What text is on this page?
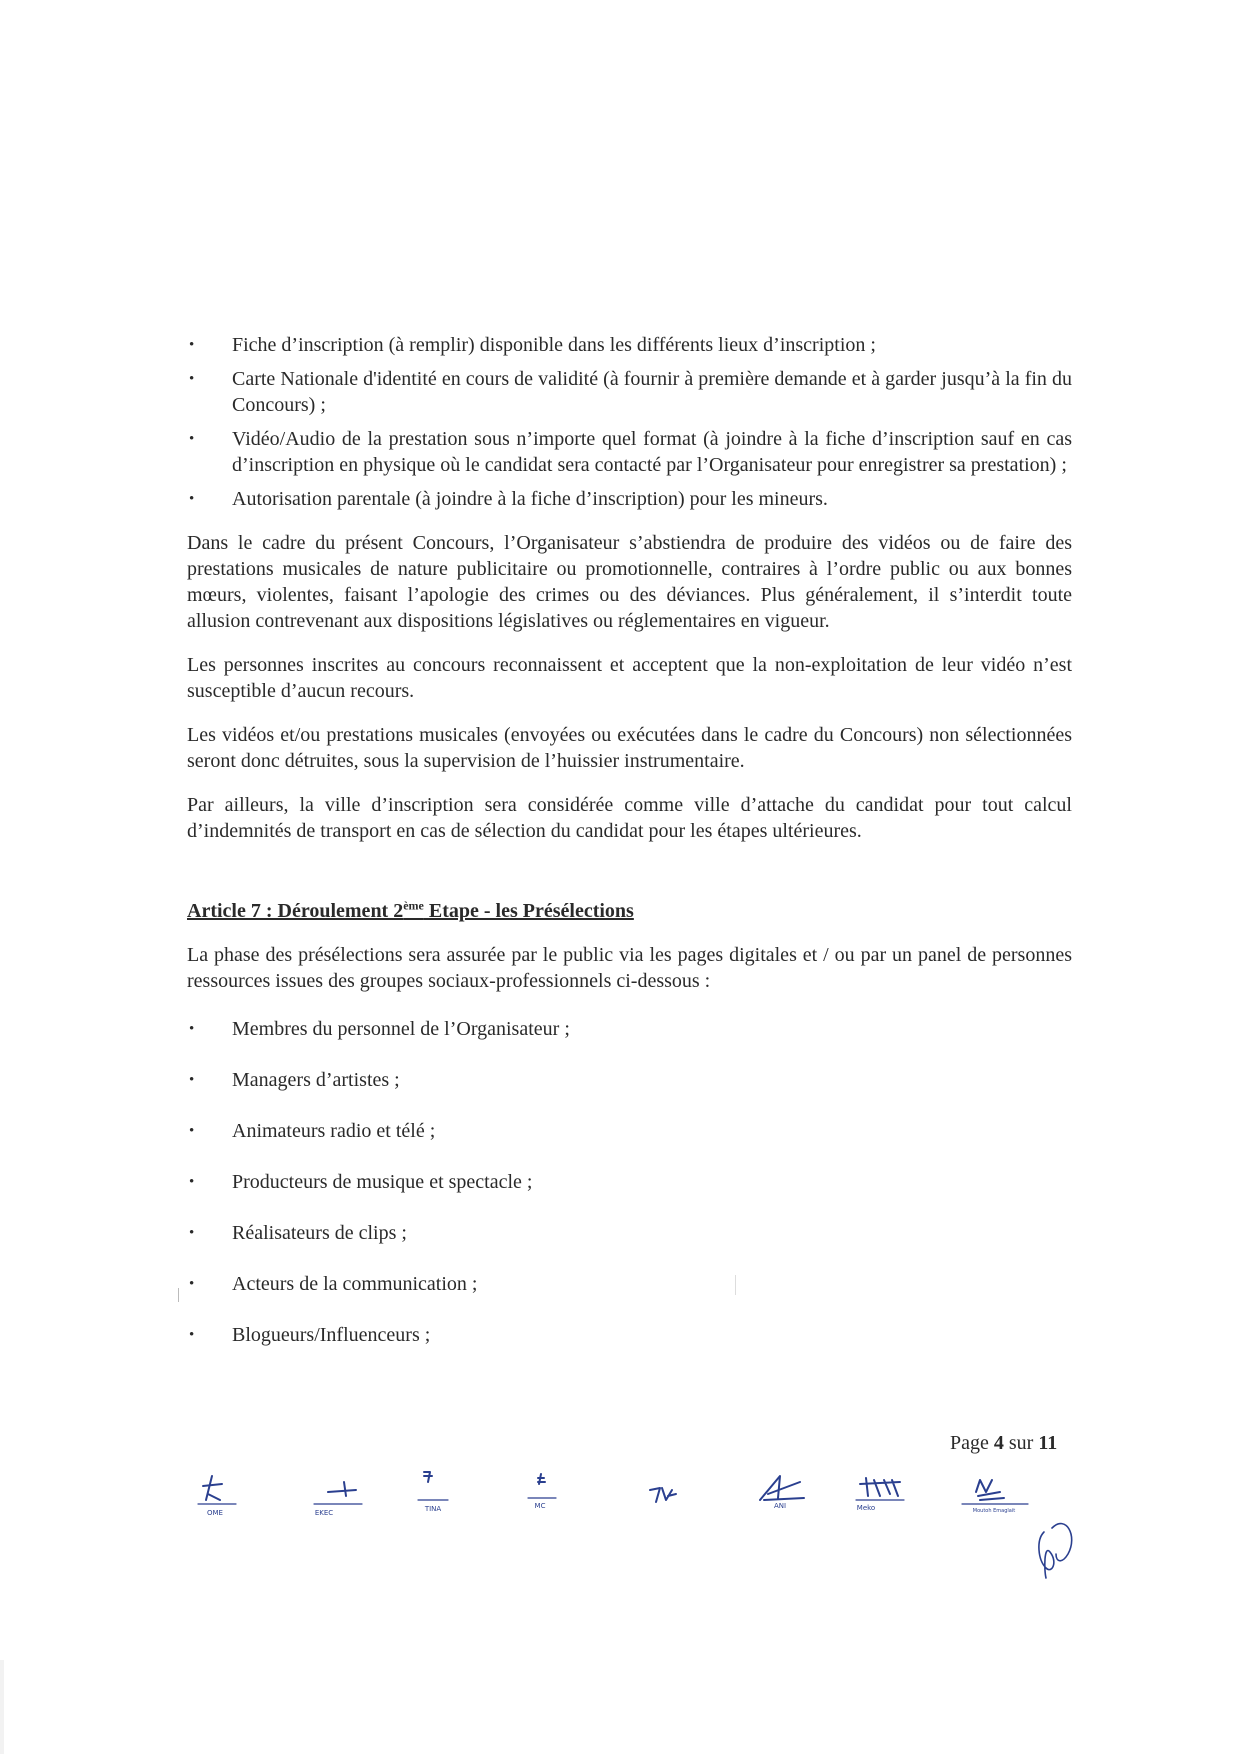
• Fiche d’inscription (à remplir) disponible dans les différents lieux d’inscription ;
• Carte Nationale d'identité en cours de validité (à fournir à première demande et à garder jusqu’à la fin du Concours) ;
• Vidéo/Audio de la prestation sous n’importe quel format (à joindre à la fiche d’inscription sauf en cas d’inscription en physique où le candidat sera contacté par l’Organisateur pour enregistrer sa prestation) ;
• Autorisation parentale (à joindre à la fiche d’inscription) pour les mineurs.

Dans le cadre du présent Concours, l’Organisateur s’abstiendra de produire des vidéos ou de faire des prestations musicales de nature publicitaire ou promotionnelle, contraires à l’ordre public ou aux bonnes mœurs, violentes, faisant l’apologie des crimes ou des déviances. Plus généralement, il s’interdit toute allusion contrevenant aux dispositions législatives ou réglementaires en vigueur.

Les personnes inscrites au concours reconnaissent et acceptent que la non-exploitation de leur vidéo n’est susceptible d’aucun recours.

Les vidéos et/ou prestations musicales (envoyées ou exécutées dans le cadre du Concours) non sélectionnées seront donc détruites, sous la supervision de l’huissier instrumentaire.

Par ailleurs, la ville d’inscription sera considérée comme ville d’attache du candidat pour tout calcul d’indemnités de transport en cas de sélection du candidat pour les étapes ultérieures.

Article 7 : Déroulement 2ème Etape - les Présélections

La phase des présélections sera assurée par le public via les pages digitales et / ou par un panel de personnes ressources issues des groupes sociaux-professionnels ci-dessous :

• Membres du personnel de l’Organisateur ;
• Managers d’artistes ;
• Animateurs radio et télé ;
• Producteurs de musique et spectacle ;
• Réalisateurs de clips ;
• Acteurs de la communication ;
• Blogueurs/Influenceurs ;
Page 4 sur 11
OME	EKEC	TINA	MC	ANI	Meko	Moutoh Emaglait
